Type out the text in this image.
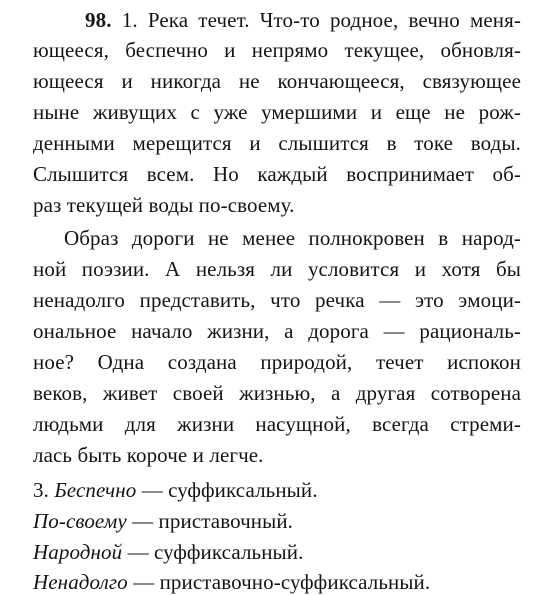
98. 1. Река течет. Что-то родное, вечно меня-
ющееся, беспечно и непрямо текущее, обновля-
ющееся и никогда не кончающееся, связующее
ныне живущих с уже умершими и еще не рож-
денными мерещится и слышится в токе воды.
Слышится всем. Но каждый воспринимает об-
раз текущей воды по-своему.
Образ дороги не менее полнокровен в народ-
ной поэзии. А нельзя ли условится и хотя бы
ненадолго представить, что речка — это эмоци-
ональное начало жизни, а дорога — рациональ-
ное? Одна создана природой, течет испокон
веков, живет своей жизнью, а другая сотворена
людьми для жизни насущной, всегда стреми-
лась быть короче и легче.
3. Беспечно — суффиксальный.
По-своему — приставочный.
Народной — суффиксальный.
Ненадолго — приставочно-суффиксальный.
